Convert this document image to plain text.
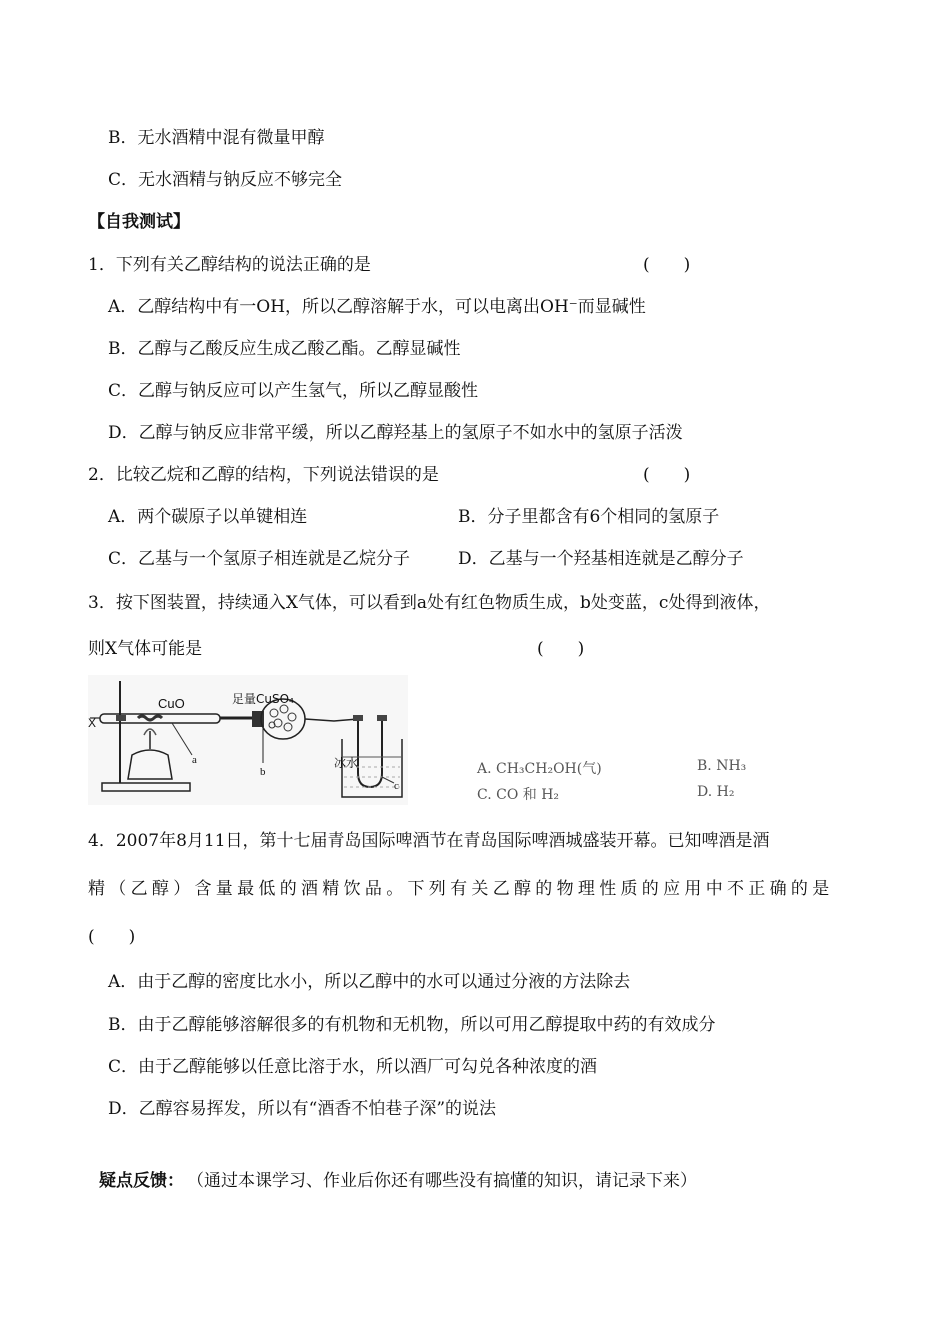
B．无水酒精中混有微量甲醇
C．无水酒精与钠反应不够完全
【自我测试】
1．下列有关乙醇结构的说法正确的是	(　　)
A．乙醇结构中有一OH，所以乙醇溶解于水，可以电离出OH⁻而显碱性
B．乙醇与乙酸反应生成乙酸乙酯。乙醇显碱性
C．乙醇与钠反应可以产生氢气，所以乙醇显酸性
D．乙醇与钠反应非常平缓，所以乙醇羟基上的氢原子不如水中的氢原子活泼
2．比较乙烷和乙醇的结构，下列说法错误的是	(　　)
A．两个碳原子以单键相连	B．分子里都含有6个相同的氢原子
C．乙基与一个氢原子相连就是乙烷分子	D．乙基与一个羟基相连就是乙醇分子
3．按下图装置，持续通入X气体，可以看到a处有红色物质生成，b处变蓝，c处得到液体，
则X气体可能是	(　　)
X
CuO	足量CuSO₄
冰水
a
b
c
A. CH₃CH₂OH(气)	B. NH₃
C. CO 和 H₂	D. H₂
4．2007年8月11日，第十七届青岛国际啤酒节在青岛国际啤酒城盛装开幕。已知啤酒是酒
精（乙醇）含量最低的酒精饮品。下列有关乙醇的物理性质的应用中不正确的是
(　　)
A．由于乙醇的密度比水小，所以乙醇中的水可以通过分液的方法除去
B．由于乙醇能够溶解很多的有机物和无机物，所以可用乙醇提取中药的有效成分
C．由于乙醇能够以任意比溶于水，所以酒厂可勾兑各种浓度的酒
D．乙醇容易挥发，所以有“酒香不怕巷子深”的说法
疑点反馈： （通过本课学习、作业后你还有哪些没有搞懂的知识，请记录下来）
